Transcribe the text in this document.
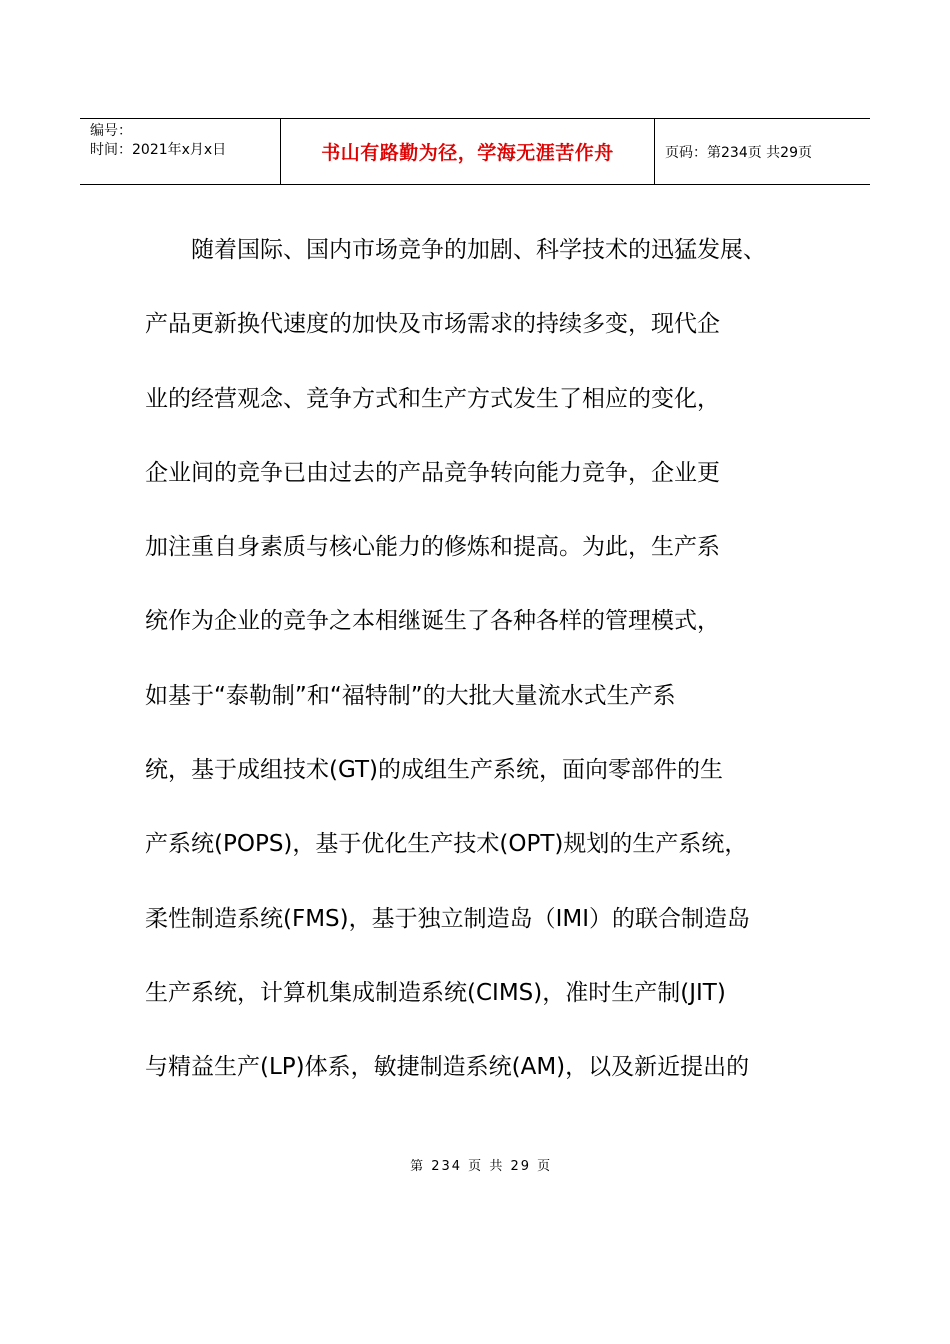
编号：
时间：2021年x月x日	书山有路勤为径，学海无涯苦作舟	页码：第234页 共29页
　　随着国际、国内市场竞争的加剧、科学技术的迅猛发展、
产品更新换代速度的加快及市场需求的持续多变，现代企
业的经营观念、竞争方式和生产方式发生了相应的变化，
企业间的竞争已由过去的产品竞争转向能力竞争，企业更
加注重自身素质与核心能力的修炼和提高。为此，生产系
统作为企业的竞争之本相继诞生了各种各样的管理模式，
如基于“泰勒制”和“福特制”的大批大量流水式生产系
统，基于成组技术(GT)的成组生产系统，面向零部件的生
产系统(POPS)，基于优化生产技术(OPT)规划的生产系统，
柔性制造系统(FMS)，基于独立制造岛（IMI）的联合制造岛
生产系统，计算机集成制造系统(CIMS)，准时生产制(JIT)
与精益生产(LP)体系，敏捷制造系统(AM)，以及新近提出的

第 234 页 共 29 页
